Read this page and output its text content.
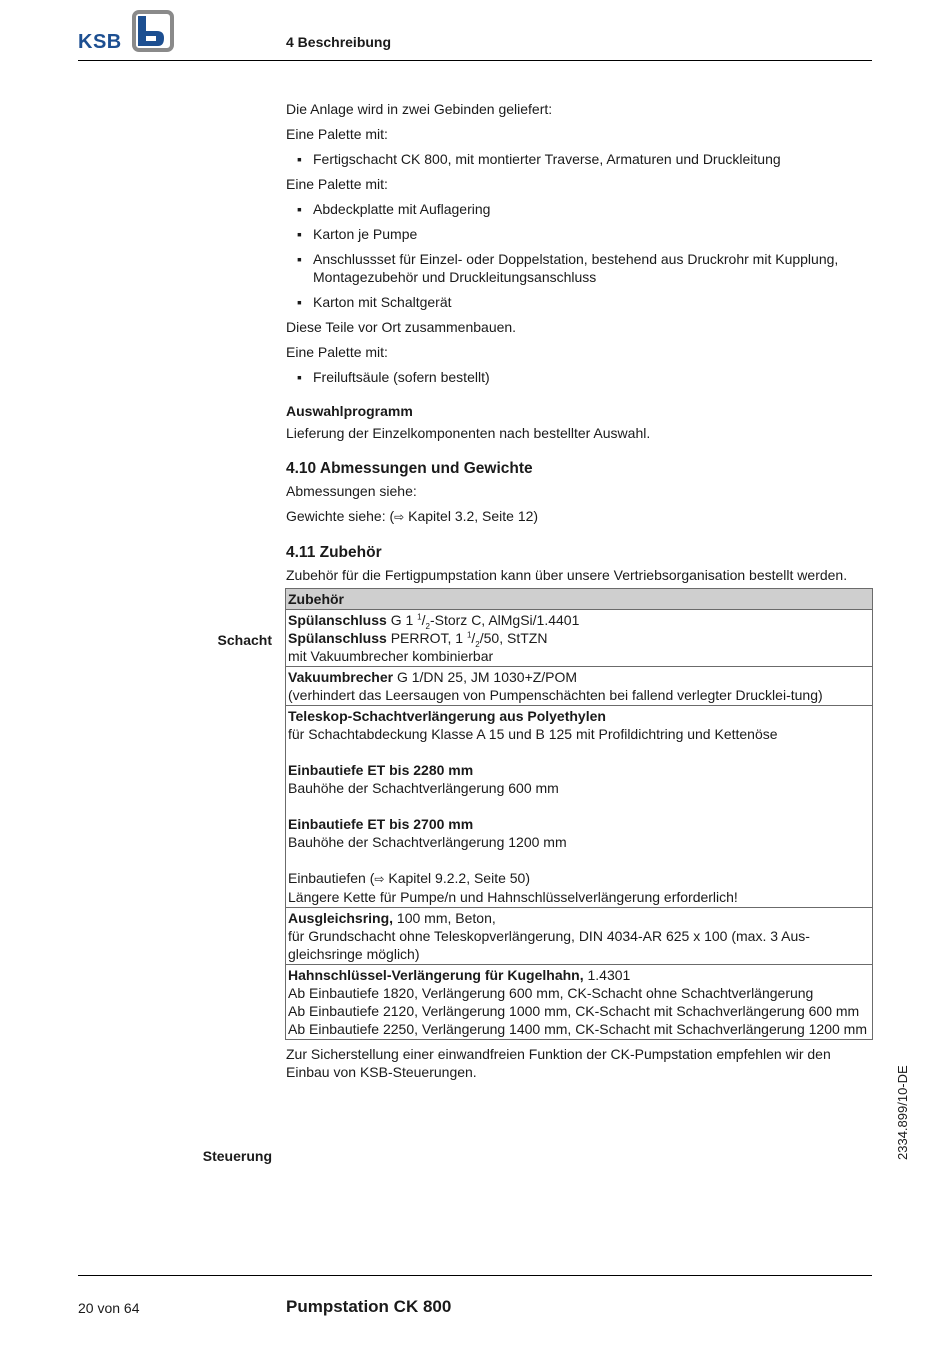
KSB	4 Beschreibung
Schacht
Steuerung

Die Anlage wird in zwei Gebinden geliefert:

Eine Palette mit:

▪ Fertigschacht CK 800, mit montierter Traverse, Armaturen und Druckleitung

Eine Palette mit:

▪ Abdeckplatte mit Auflagering
▪ Karton je Pumpe
▪ Anschlussset für Einzel- oder Doppelstation, bestehend aus Druckrohr mit Kupplung, Montagezubehör und Druckleitungsanschluss
▪ Karton mit Schaltgerät

Diese Teile vor Ort zusammenbauen.

Eine Palette mit:

▪ Freiluftsäule (sofern bestellt)
Auswahlprogramm

Lieferung der Einzelkomponenten nach bestellter Auswahl.

4.10 Abmessungen und Gewichte

Abmessungen siehe:

Gewichte siehe: (⇨ Kapitel 3.2, Seite 12)

4.11 Zubehör

Zubehör für die Fertigpumpstation kann über unsere Vertriebsorganisation bestellt werden.

Zubehör

Spülanschluss G 1 $^1/_2$-Storz C, AlMgSi/1.4401
Spülanschluss PERROT, 1 $^1/_2/50$, StTZN
mit Vakuumbrecher kombinierbar

Vakuumbrecher G 1/DN 25, JM 1030+Z/POM
(verhindert das Leersaugen von Pumpenschächten bei fallend verlegter Drucklei-tung)

Teleskop-Schachtverlängerung aus Polyethylen
für Schachtabdeckung Klasse A 15 und B 125 mit Profildichtring und Kettenöse
Einbautiefe ET bis 2280 mm
Bauhöhe der Schachtverlängerung 600 mm
Einbautiefe ET bis 2700 mm
Bauhöhe der Schachtverlängerung 1200 mm
Einbautiefen (⇨ Kapitel 9.2.2, Seite 50)
Längere Kette für Pumpe/n und Hahnschlüsselverlängerung erforderlich!

Ausgleichsring, 100 mm, Beton,
für Grundschacht ohne Teleskopverlängerung, DIN 4034-AR 625 x 100 (max. 3 Aus-gleichsringe möglich)

Hahnschlüssel-Verlängerung für Kugelhahn, 1.4301
Ab Einbautiefe 1820, Verlängerung 600 mm, CK-Schacht ohne Schachtverlängerung
Ab Einbautiefe 2120, Verlängerung 1000 mm, CK-Schacht mit Schachverlängerung 600 mm
Ab Einbautiefe 2250, Verlängerung 1400 mm, CK-Schacht mit Schachverlängerung 1200 mm

Zur Sicherstellung einer einwandfreien Funktion der CK-Pumpstation empfehlen wir den Einbau von KSB-Steuerungen.	2334.899/10-DE
20 von 64	Pumpstation CK 800
